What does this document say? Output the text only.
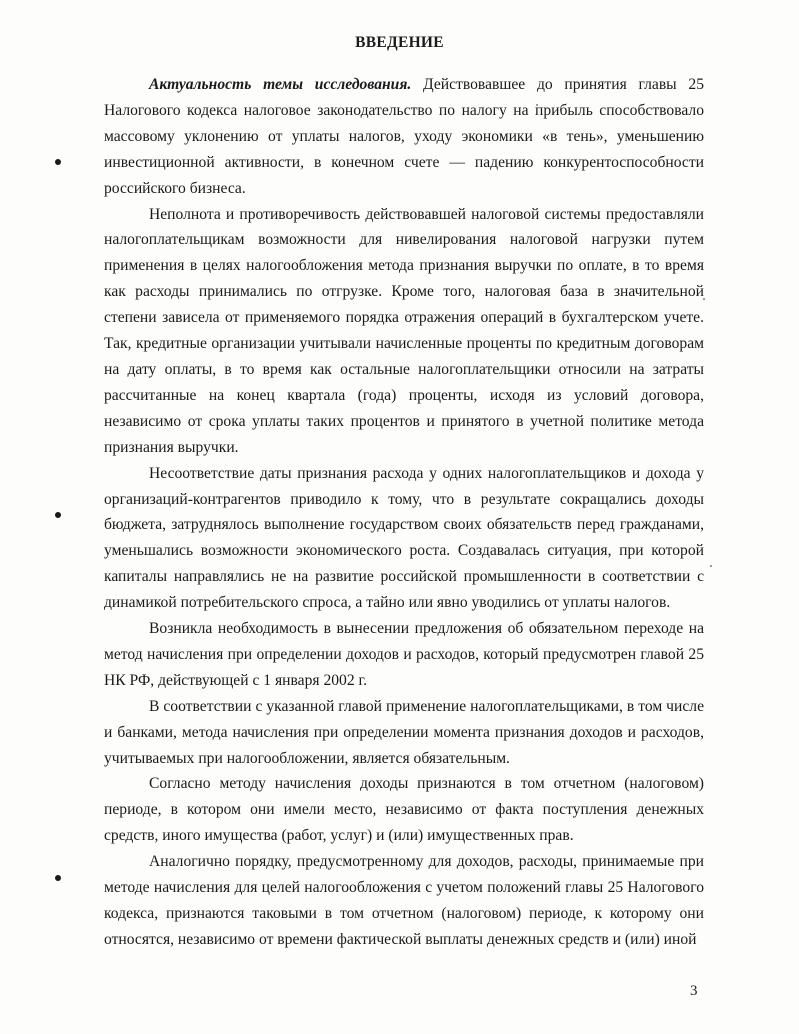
ВВЕДЕНИЕ

Актуальность темы исследования. Действовавшее до принятия главы 25 Налогового кодекса налоговое законодательство по налогу на прибыль способствовало массовому уклонению от уплаты налогов, уходу экономики «в тень», уменьшению инвестиционной активности, в конечном счете — падению конкурентоспособности российского бизнеса.

Неполнота и противоречивость действовавшей налоговой системы предоставляли налогоплательщикам возможности для нивелирования налоговой нагрузки путем применения в целях налогообложения метода признания выручки по оплате, в то время как расходы принимались по отгрузке. Кроме того, налоговая база в значительной степени зависела от применяемого порядка отражения операций в бухгалтерском учете. Так, кредитные организации учитывали начисленные проценты по кредитным договорам на дату оплаты, в то время как остальные налогоплательщики относили на затраты рассчитанные на конец квартала (года) проценты, исходя из условий договора, независимо от срока уплаты таких процентов и принятого в учетной политике метода признания выручки.

Несоответствие даты признания расхода у одних налогоплательщиков и дохода у организаций-контрагентов приводило к тому, что в результате сокращались доходы бюджета, затруднялось выполнение государством своих обязательств перед гражданами, уменьшались возможности экономического роста. Создавалась ситуация, при которой капиталы направлялись не на развитие российской промышленности в соответствии с динамикой потребительского спроса, а тайно или явно уводились от уплаты налогов.

Возникла необходимость в вынесении предложения об обязательном переходе на метод начисления при определении доходов и расходов, который предусмотрен главой 25 НК РФ, действующей с 1 января 2002 г.

В соответствии с указанной главой применение налогоплательщиками, в том числе и банками, метода начисления при определении момента признания доходов и расходов, учитываемых при налогообложении, является обязательным.

Согласно методу начисления доходы признаются в том отчетном (налоговом) периоде, в котором они имели место, независимо от факта поступления денежных средств, иного имущества (работ, услуг) и (или) имущественных прав.

Аналогично порядку, предусмотренному для доходов, расходы, принимаемые при методе начисления для целей налогообложения с учетом положений главы 25 Налогового кодекса, признаются таковыми в том отчетном (налоговом) периоде, к которому они относятся, независимо от времени фактической выплаты денежных средств и (или) иной

3
